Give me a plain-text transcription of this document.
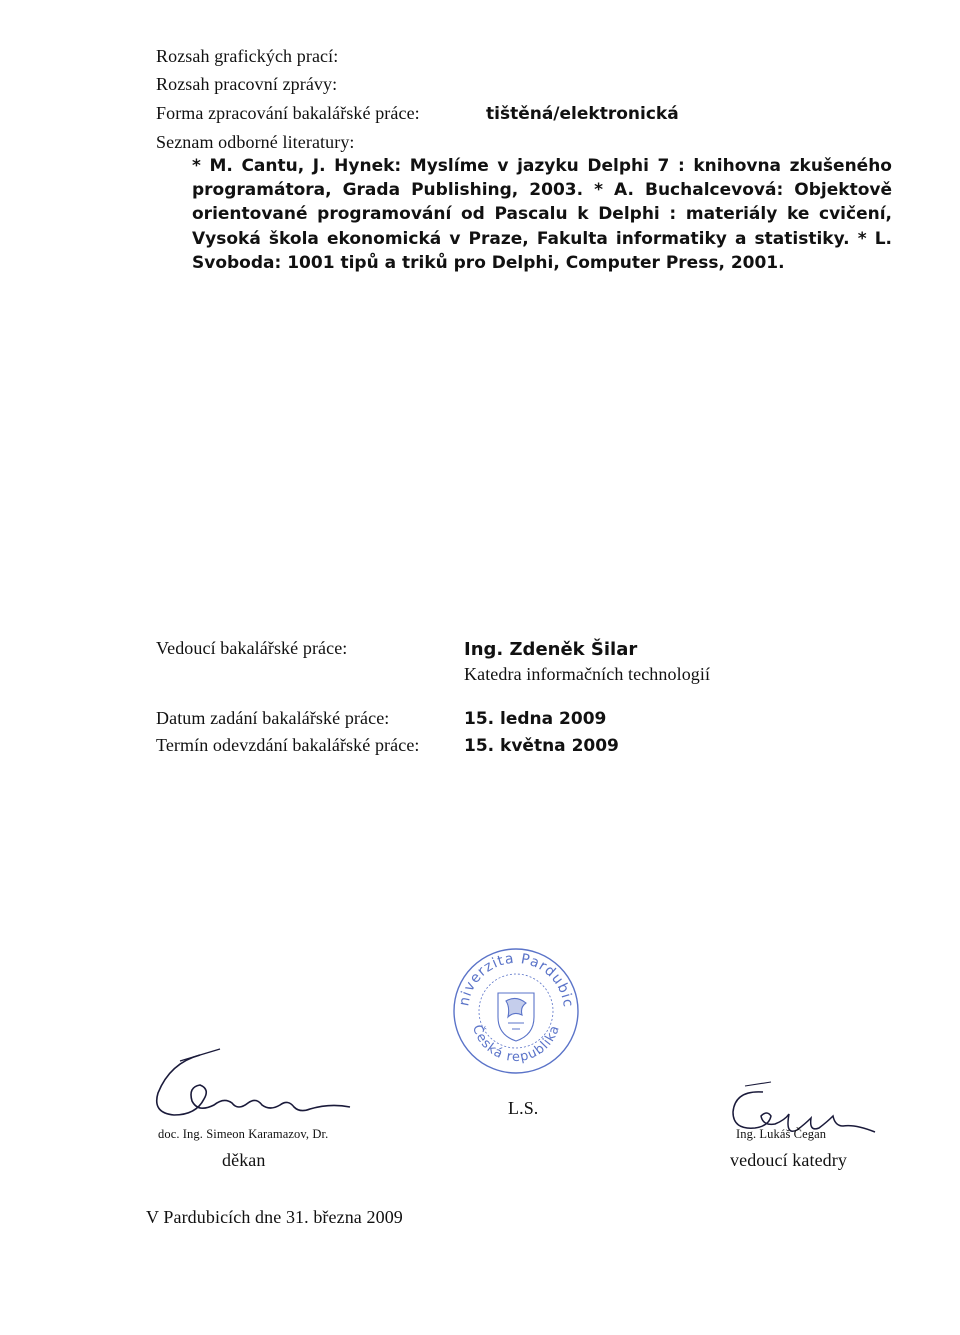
Rozsah grafických prací:
Rozsah pracovní zprávy:
Forma zpracování bakalářské práce:	tištěná/elektronická
Seznam odborné literatury:
* M. Cantu, J. Hynek: Myslíme v jazyku Delphi 7 : knihovna zkušeného programátora, Grada Publishing, 2003. * A. Buchalcevová: Objektově orientované programování od Pascalu k Delphi : materiály ke cvičení, Vysoká škola ekonomická v Praze, Fakulta informatiky a statistiky. * L. Svoboda: 1001 tipů a triků pro Delphi, Computer Press, 2001.
Vedoucí bakalářské práce:	Ing. Zdeněk Šilar
Katedra informačních technologií
Datum zadání bakalářské práce:	15. ledna 2009
Termín odevzdání bakalářské práce:	15. května 2009
Univerzita Pardubice
Česká republika
doc. Ing. Simeon Karamazov, Dr.
děkan
L.S.
Ing. Lukáš Čegan
vedoucí katedry
V Pardubicích dne 31. března 2009
